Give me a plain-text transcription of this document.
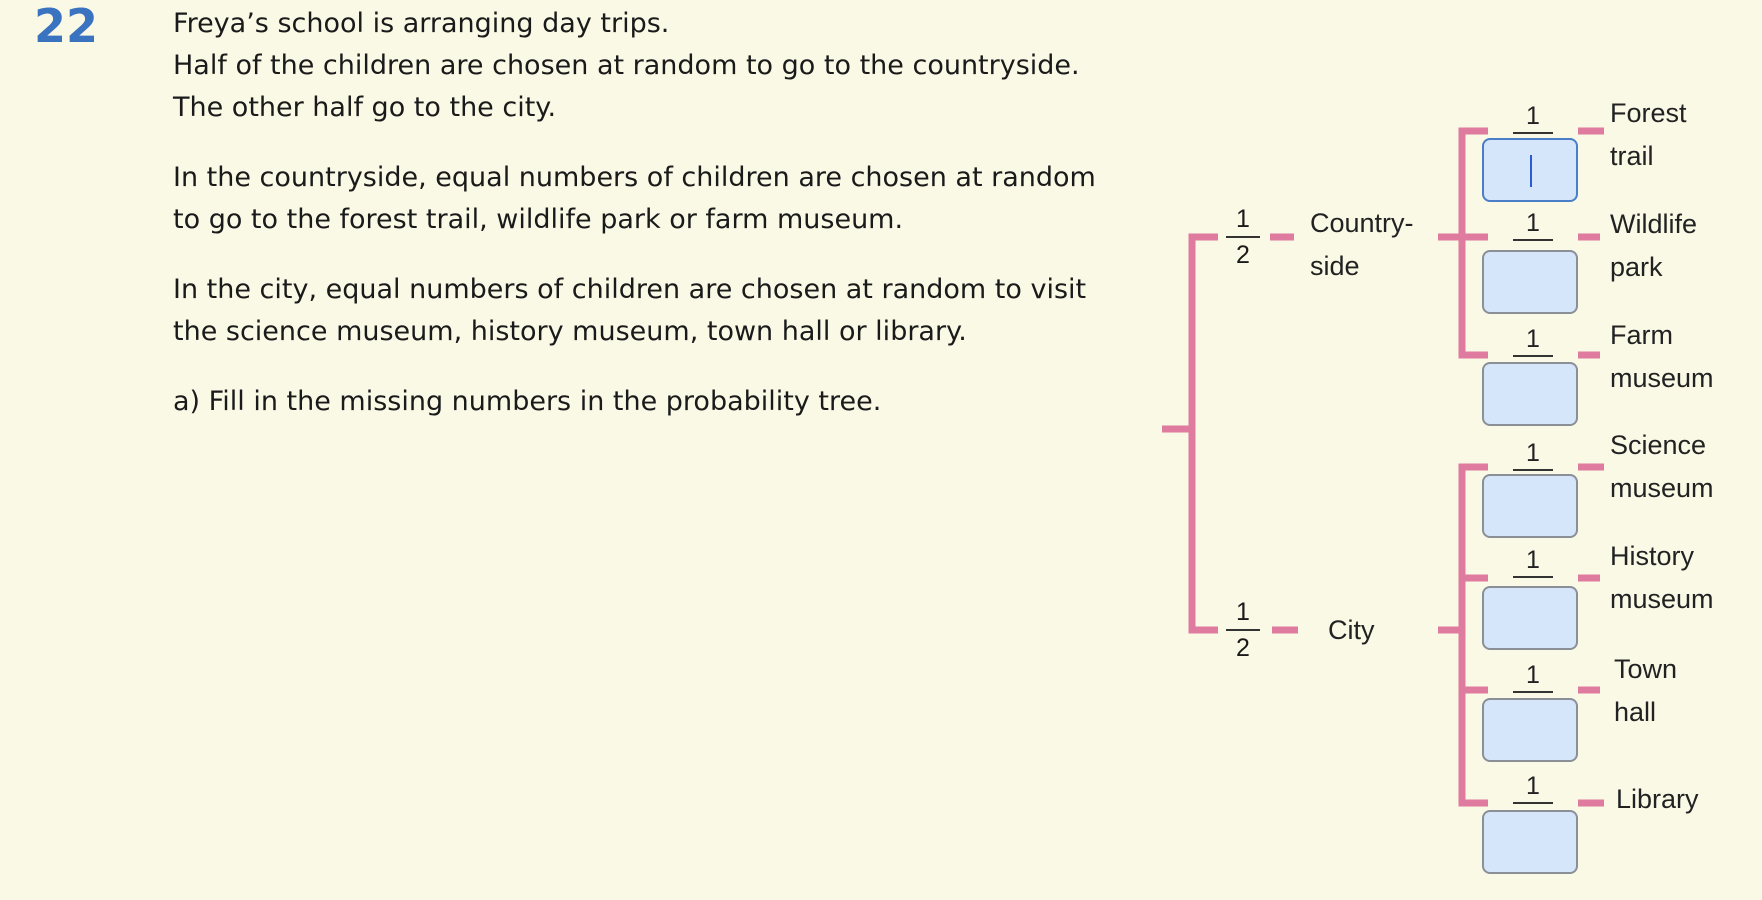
22	Freya’s school is arranging day trips.
Half of the children are chosen at random to go to the countryside.
The other half go to the city.
In the countryside, equal numbers of children are chosen at random
to go to the forest trail, wildlife park or farm museum.
In the city, equal numbers of children are chosen at random to visit
the science museum, history museum, town hall or library.
a) Fill in the missing numbers in the probability tree.
1
2
1
2
Country-
side
City
1	Forest
trail
1	Wildlife
park
1	Farm
museum
1	Science
museum
1	History
museum
1	Town
hall
1	Library
